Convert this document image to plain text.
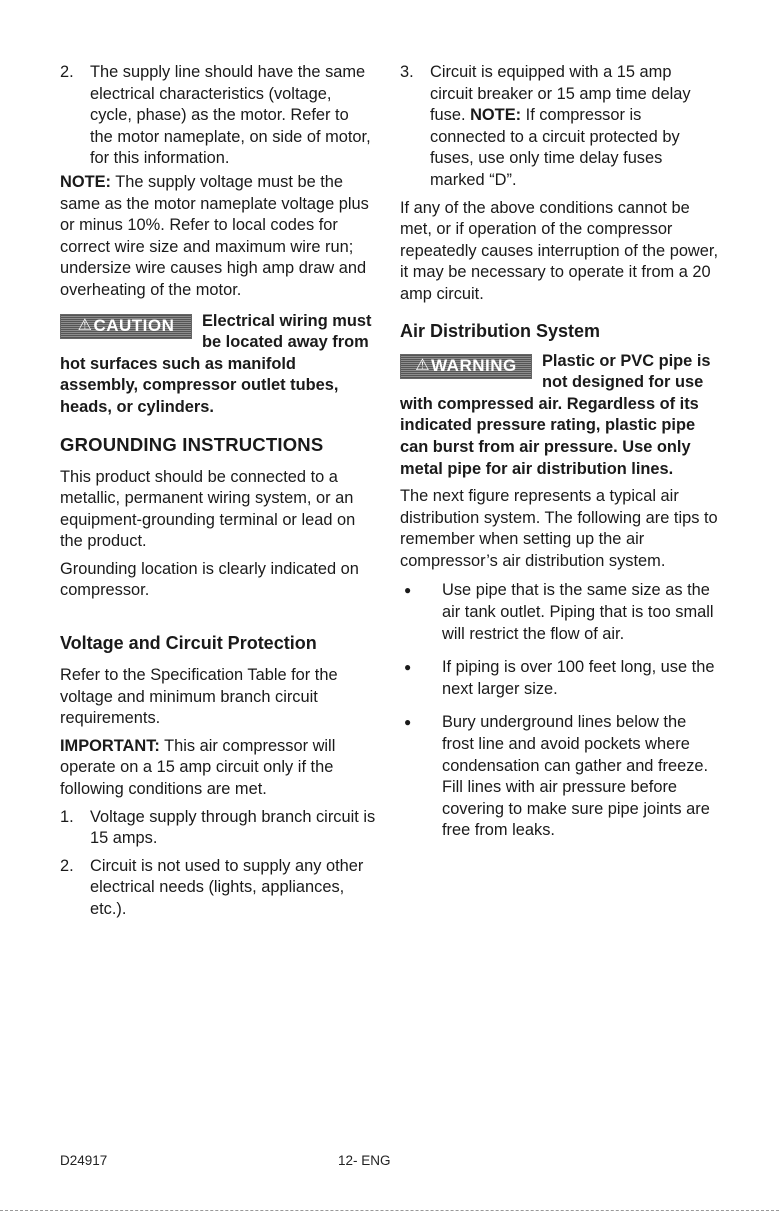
2. The supply line should have the same electrical characteristics (voltage, cycle, phase) as the motor. Refer to the motor nameplate, on side of motor, for this information.

NOTE: The supply voltage must be the same as the motor nameplate voltage plus or minus 10%. Refer to local codes for correct wire size and maximum wire run; undersize wire causes high amp draw and overheating of the motor.

⚠ CAUTION Electrical wiring must be located away from hot surfaces such as manifold assembly, compressor outlet tubes, heads, or cylinders.
GROUNDING INSTRUCTIONS

This product should be connected to a metallic, permanent wiring system, or an equipment-grounding terminal or lead on the product.

Grounding location is clearly indicated on compressor.

Voltage and Circuit Protection

Refer to the Specification Table for the voltage and minimum branch circuit requirements.

IMPORTANT: This air compressor will operate on a 15 amp circuit only if the following conditions are met.

1. Voltage supply through branch circuit is 15 amps.
2. Circuit is not used to supply any other electrical needs (lights, appliances, etc.).
3. Circuit is equipped with a 15 amp circuit breaker or 15 amp time delay fuse. NOTE: If compressor is connected to a circuit protected by fuses, use only time delay fuses marked “D”.

If any of the above conditions cannot be met, or if operation of the compressor repeatedly causes interruption of the power, it may be necessary to operate it from a 20 amp circuit.

Air Distribution System
⚠ WARNING Plastic or PVC pipe is not designed for use with compressed air. Regardless of its indicated pressure rating, plastic pipe can burst from air pressure. Use only metal pipe for air distribution lines.

The next figure represents a typical air distribution system. The following are tips to remember when setting up the air compressor’s air distribution system.

●	Use pipe that is the same size as the air tank outlet. Piping that is too small will restrict the flow of air.
●	If piping is over 100 feet long, use the next larger size.
●	Bury underground lines below the frost line and avoid pockets where condensation can gather and freeze. Fill lines with air pressure before covering to make sure pipe joints are free from leaks.
D24917	12- ENG
